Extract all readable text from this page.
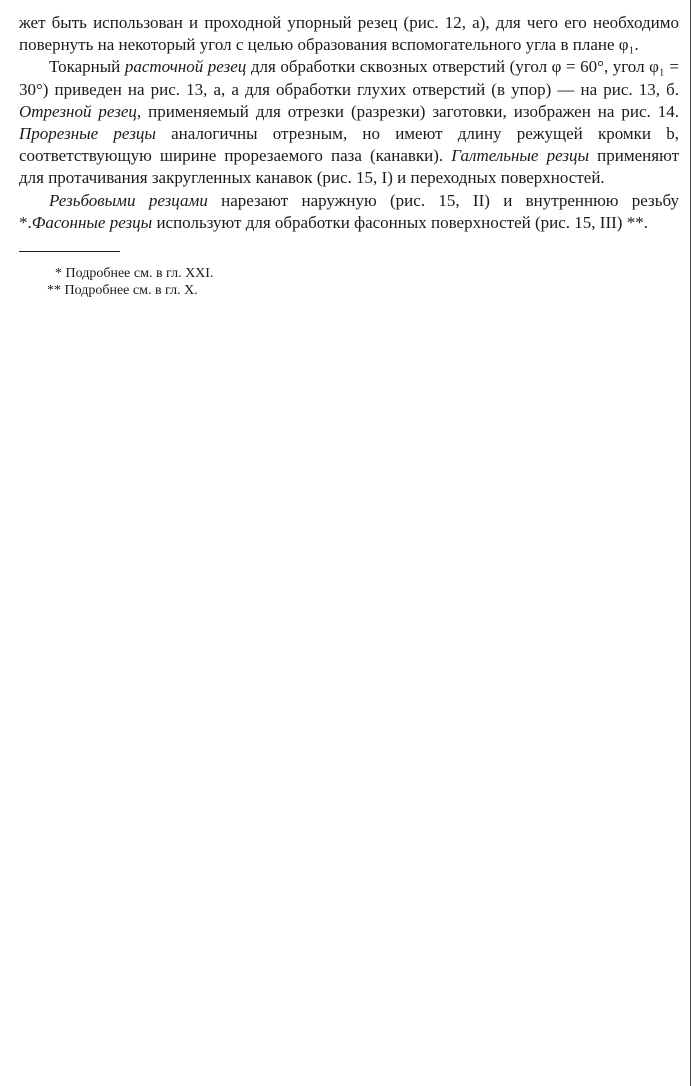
жет быть использован и проходной упорный резец (рис. 12, а), для чего его необходимо повернуть на некоторый угол с целью образования вспомогательного угла в плане φ₁.

Токарный расточной резец для обработки сквозных отверстий (угол φ = 60°, угол φ₁ = 30°) приведен на рис. 13, а, а для обработки глухих отверстий (в упор) — на рис. 13, б. Отрезной резец, применяемый для отрезки (разрезки) заготовки, изображен на рис. 14. Прорезные резцы аналогичны отрезным, но имеют длину режущей кромки b, соответствующую ширине прорезаемого паза (канавки). Галтельные резцы применяют для протачивания закругленных канавок (рис. 15, I) и переходных поверхностей.

Резьбовыми резцами нарезают наружную (рис. 15, II) и внутреннюю резьбу *.Фасонные резцы используют для обработки фасонных поверхностей (рис. 15, III) **.

* Подробнее см. в гл. XXI.

** Подробнее см. в гл. X.
